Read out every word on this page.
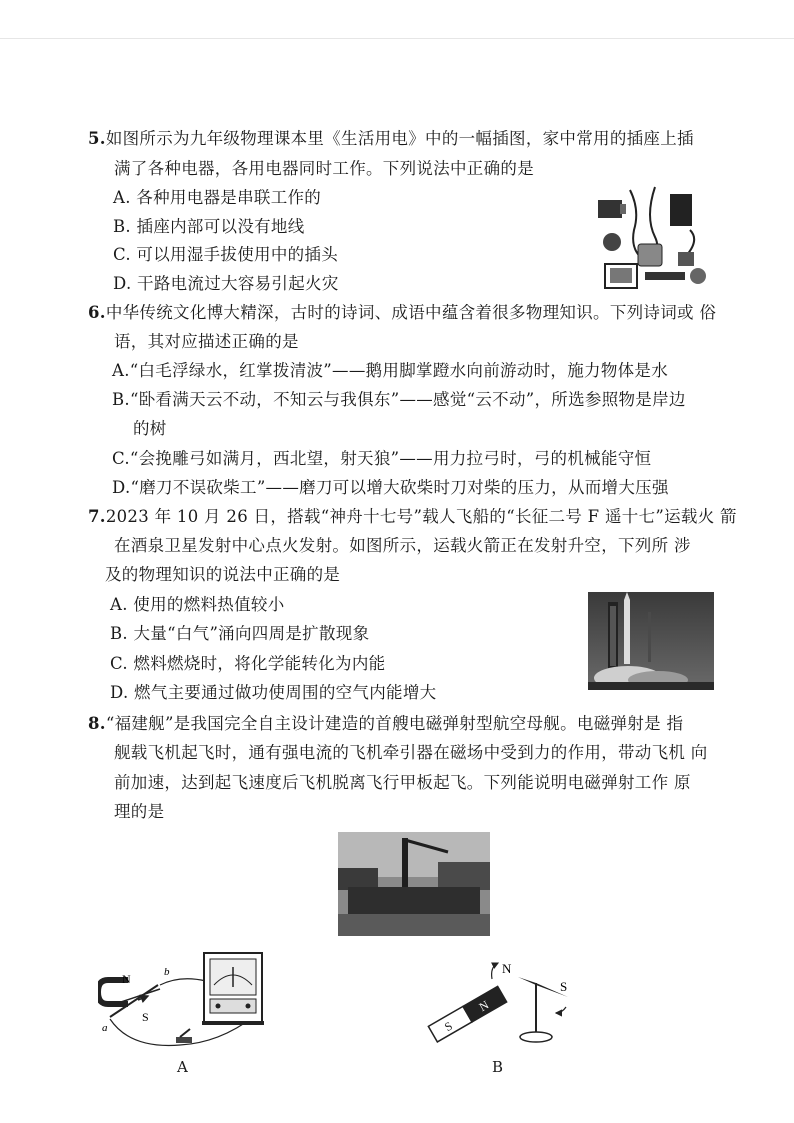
5.如图所示为九年级物理课本里《生活用电》中的一幅插图，家中常用的插座上插
满了各种电器，各用电器同时工作。下列说法中正确的是
A. 各种用电器是串联工作的
B. 插座内部可以没有地线
C. 可以用湿手拔使用中的插头
D. 干路电流过大容易引起火灾
6.中华传统文化博大精深，古时的诗词、成语中蕴含着很多物理知识。下列诗词或 俗
语，其对应描述正确的是
A.“白毛浮绿水，红掌拨清波”——鹅用脚掌蹬水向前游动时，施力物体是水
B.“卧看满天云不动，不知云与我俱东”——感觉“云不动”，所选参照物是岸边
的树
C.“会挽雕弓如满月，西北望，射天狼”——用力拉弓时，弓的机械能守恒
D.“磨刀不误砍柴工”——磨刀可以增大砍柴时刀对柴的压力，从而增大压强
7.2023 年 10 月 26 日，搭载“神舟十七号”载人飞船的“长征二号 F 遥十七”运载火 箭
在酒泉卫星发射中心点火发射。如图所示，运载火箭正在发射升空，下列所 涉
及的物理知识的说法中正确的是
A. 使用的燃料热值较小
B. 大量“白气”涌向四周是扩散现象
C. 燃料燃烧时，将化学能转化为内能
D. 燃气主要通过做功使周围的空气内能增大
8.“福建舰”是我国完全自主设计建造的首艘电磁弹射型航空母舰。电磁弹射是 指
舰载飞机起飞时，通有强电流的飞机牵引器在磁场中受到力的作用，带动飞机 向
前加速，达到起飞速度后飞机脱离飞行甲板起飞。下列能说明电磁弹射工作 原
理的是
N
S
b
a
A
S
N
N
S
B
